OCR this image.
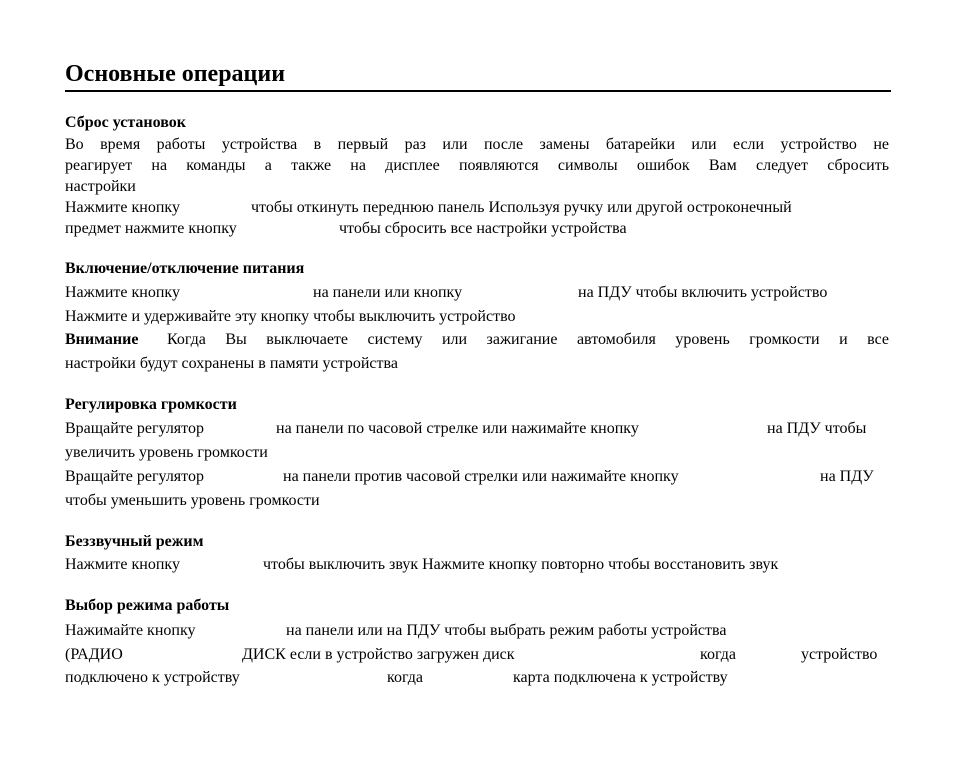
Основные операции

Сброс установок

Во время работы устройства в первый раз или после замены батарейки или если устройство не
реагирует на команды а также на дисплее появляются символы ошибок Вам следует сбросить
настройки
Нажмите кнопку	чтобы откинуть переднюю панель Используя ручку или другой остроконечный
предмет нажмите кнопку	чтобы сбросить все настройки устройства

Включение/отключение питания

Нажмите кнопку	на панели или кнопку	на ПДУ чтобы включить устройство
Нажмите и удерживайте эту кнопку чтобы выключить устройство
Внимание Когда Вы выключаете систему или зажигание автомобиля уровень громкости и все
настройки будут сохранены в памяти устройства

Регулировка громкости

Вращайте регулятор	на панели по часовой стрелке или нажимайте кнопку	на ПДУ чтобы
увеличить уровень громкости
Вращайте регулятор	на панели против часовой стрелки или нажимайте кнопку	на ПДУ
чтобы уменьшить уровень громкости

Беззвучный режим

Нажмите кнопку	чтобы выключить звук Нажмите кнопку повторно чтобы восстановить звук

Выбор режима работы

Нажимайте кнопку	на панели или на ПДУ чтобы выбрать режим работы устройства
(РАДИО	ДИСК если в устройство загружен диск	когда	устройство
подключено к устройству	когда	карта подключена к устройству
